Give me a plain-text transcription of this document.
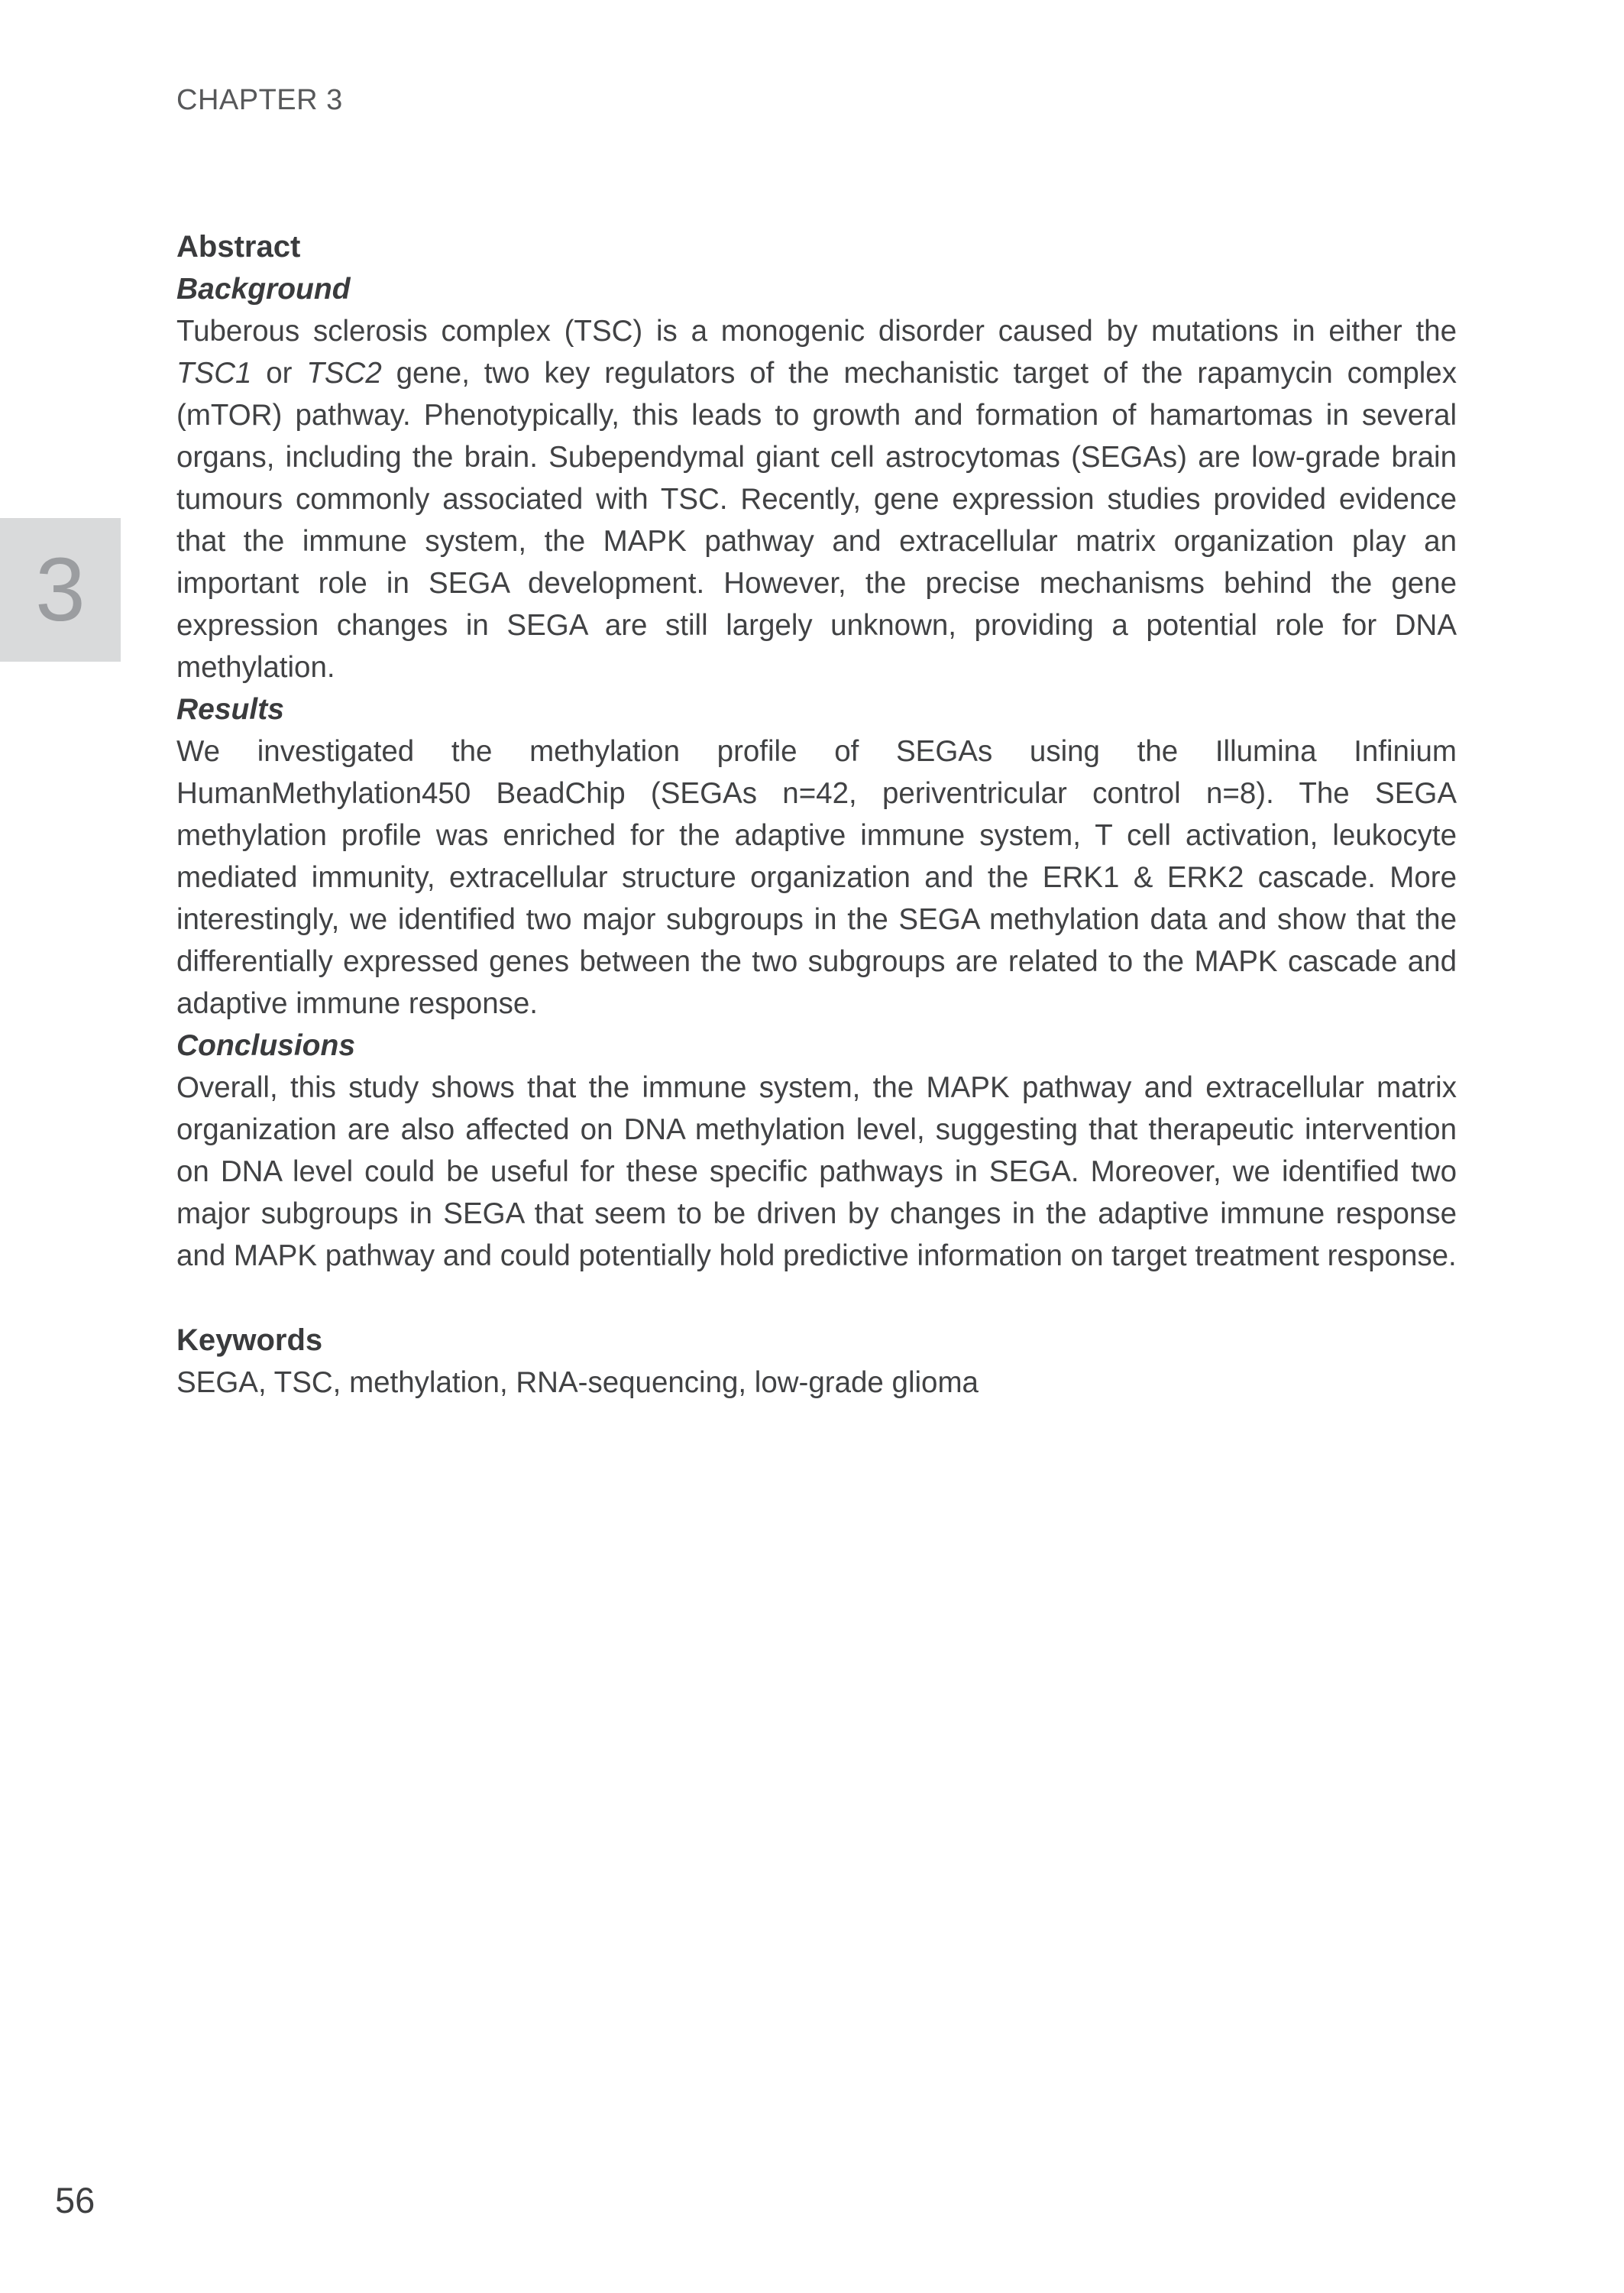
CHAPTER 3
3
Abstract
Background

Tuberous sclerosis complex (TSC) is a monogenic disorder caused by mutations in either the TSC1 or TSC2 gene, two key regulators of the mechanistic target of the rapamycin complex (mTOR) pathway. Phenotypically, this leads to growth and formation of hamartomas in several organs, including the brain. Subependymal giant cell astrocytomas (SEGAs) are low-grade brain tumours commonly associated with TSC. Recently, gene expression studies provided evidence that the immune system, the MAPK pathway and extracellular matrix organization play an important role in SEGA development. However, the precise mechanisms behind the gene expression changes in SEGA are still largely unknown, providing a potential role for DNA methylation.

Results

We investigated the methylation profile of SEGAs using the Illumina Infinium HumanMethylation450 BeadChip (SEGAs n=42, periventricular control n=8). The SEGA methylation profile was enriched for the adaptive immune system, T cell activation, leukocyte mediated immunity, extracellular structure organization and the ERK1 & ERK2 cascade. More interestingly, we identified two major subgroups in the SEGA methylation data and show that the differentially expressed genes between the two subgroups are related to the MAPK cascade and adaptive immune response.

Conclusions

Overall, this study shows that the immune system, the MAPK pathway and extracellular matrix organization are also affected on DNA methylation level, suggesting that therapeutic intervention on DNA level could be useful for these specific pathways in SEGA. Moreover, we identified two major subgroups in SEGA that seem to be driven by changes in the adaptive immune response and MAPK pathway and could potentially hold predictive information on target treatment response.

Keywords

SEGA, TSC, methylation, RNA-sequencing, low-grade glioma

56
